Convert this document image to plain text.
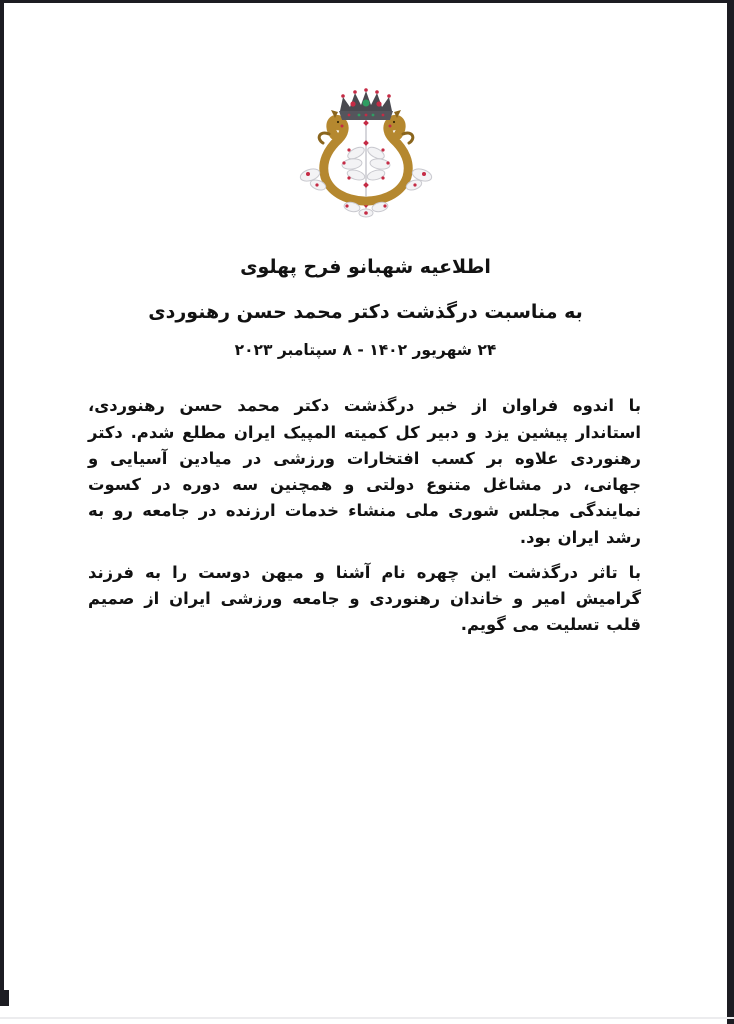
اطلاعیه شهبانو فرح پهلوی
به مناسبت درگذشت دکتر محمد حسن رهنوردی
۲۴ شهریور ۱۴۰۲ - ۸ سپتامبر ۲۰۲۳

با اندوه فراوان از خبر درگذشت دکتر محمد حسن رهنوردی، استاندار پیشین یزد و دبیر کل کمیته المپیک ایران مطلع شدم. دکتر رهنوردی علاوه بر کسب افتخارات ورزشی در میادین آسیایی و جهانی، در مشاغل متنوع دولتی و همچنین سه دوره در کسوت نمایندگی مجلس شوری ملی منشاء خدمات ارزنده در جامعه رو به رشد ایران بود.

با تاثر درگذشت این چهره نام آشنا و میهن دوست را به فرزند گرامیش امیر و خاندان رهنوردی و جامعه ورزشی ایران از صمیم قلب تسلیت می گویم.
